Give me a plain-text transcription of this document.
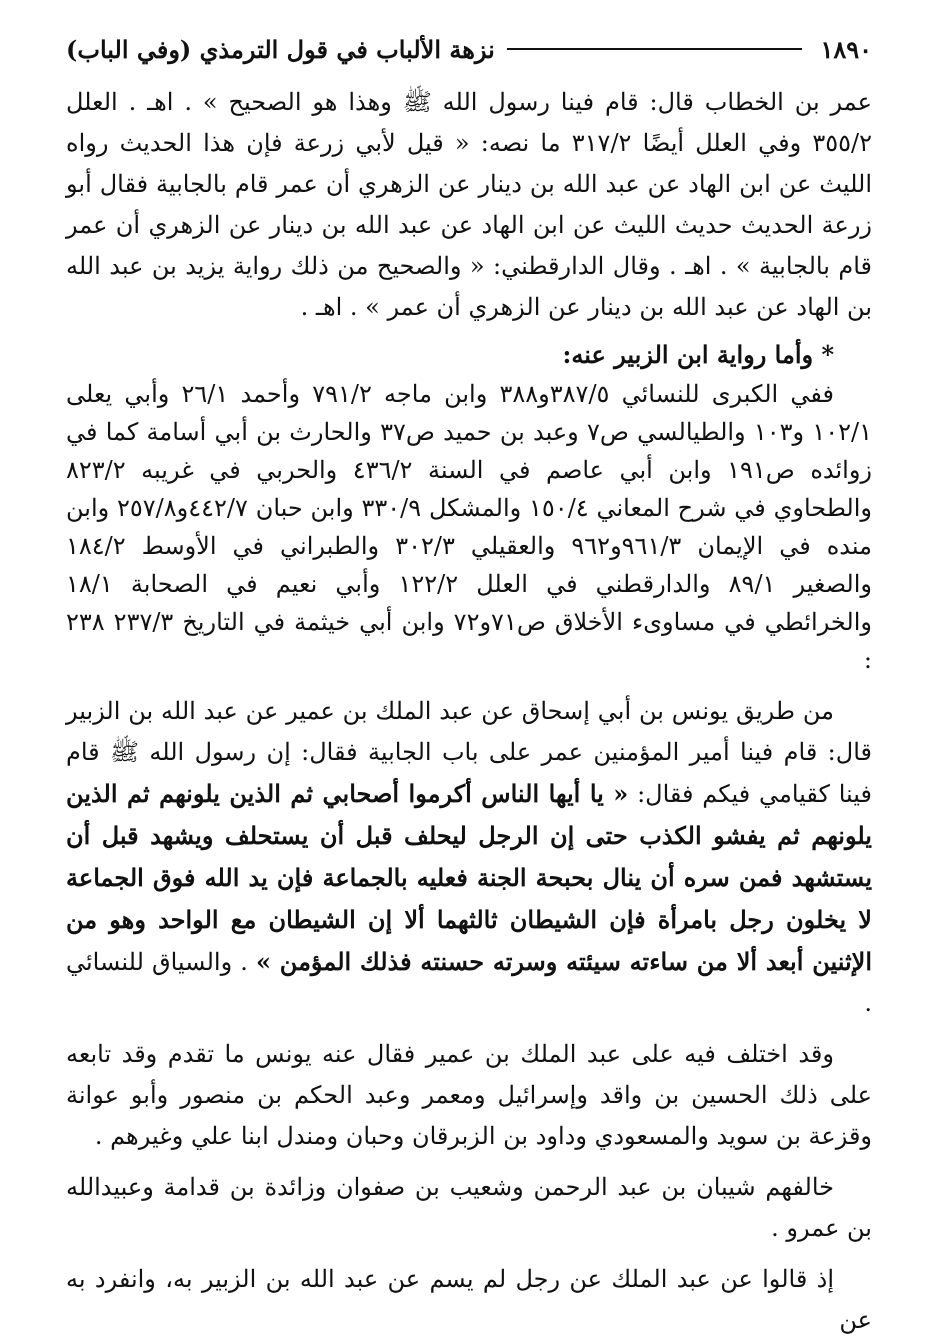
١٨٩٠
نزهة الألباب في قول الترمذي (وفي الباب)

عمر بن الخطاب قال: قام فينا رسول الله ﷺ وهذا هو الصحيح » . اهـ . العلل ٣٥٥/٢ وفي العلل أيضًا ٣١٧/٢ ما نصه: « قيل لأبي زرعة فإن هذا الحديث رواه الليث عن ابن الهاد عن عبد الله بن دينار عن الزهري أن عمر قام بالجابية فقال أبو زرعة الحديث حديث الليث عن ابن الهاد عن عبد الله بن دينار عن الزهري أن عمر قام بالجابية » . اهـ . وقال الدارقطني: « والصحيح من ذلك رواية يزيد بن عبد الله بن الهاد عن عبد الله بن دينار عن الزهري أن عمر » . اهـ .

* وأما رواية ابن الزبير عنه:

ففي الكبرى للنسائي ٣٨٧/٥و٣٨٨ وابن ماجه ٧٩١/٢ وأحمد ٢٦/١ وأبي يعلى ١٠٢/١ و١٠٣ والطيالسي ص٧ وعبد بن حميد ص٣٧ والحارث بن أبي أسامة كما في زوائده ص١٩١ وابن أبي عاصم في السنة ٤٣٦/٢ والحربي في غريبه ٨٢٣/٢ والطحاوي في شرح المعاني ١٥٠/٤ والمشكل ٣٣٠/٩ وابن حبان ٤٤٢/٧و٢٥٧/٨ وابن منده في الإيمان ٩٦١/٣و٩٦٢ والعقيلي ٣٠٢/٣ والطبراني في الأوسط ١٨٤/٢ والصغير ٨٩/١ والدارقطني في العلل ١٢٢/٢ وأبي نعيم في الصحابة ١٨/١ والخرائطي في مساوىء الأخلاق ص٧١و٧٢ وابن أبي خيثمة في التاريخ ٢٣٧/٣ ٢٣٨ :

من طريق يونس بن أبي إسحاق عن عبد الملك بن عمير عن عبد الله بن الزبير قال: قام فينا أمير المؤمنين عمر على باب الجابية فقال: إن رسول الله ﷺ قام فينا كقيامي فيكم فقال: « يا أيها الناس أكرموا أصحابي ثم الذين يلونهم ثم الذين يلونهم ثم يفشو الكذب حتى إن الرجل ليحلف قبل أن يستحلف ويشهد قبل أن يستشهد فمن سره أن ينال بحبحة الجنة فعليه بالجماعة فإن يد الله فوق الجماعة لا يخلون رجل بامرأة فإن الشيطان ثالثهما ألا إن الشيطان مع الواحد وهو من الإثنين أبعد ألا من ساءته سيئته وسرته حسنته فذلك المؤمن » . والسياق للنسائي .

وقد اختلف فيه على عبد الملك بن عمير فقال عنه يونس ما تقدم وقد تابعه على ذلك الحسين بن واقد وإسرائيل ومعمر وعبد الحكم بن منصور وأبو عوانة وقزعة بن سويد والمسعودي وداود بن الزبرقان وحبان ومندل ابنا علي وغيرهم .

خالفهم شيبان بن عبد الرحمن وشعيب بن صفوان وزائدة بن قدامة وعبيدالله بن عمرو .

إذ قالوا عن عبد الملك عن رجل لم يسم عن عبد الله بن الزبير به، وانفرد به عن
